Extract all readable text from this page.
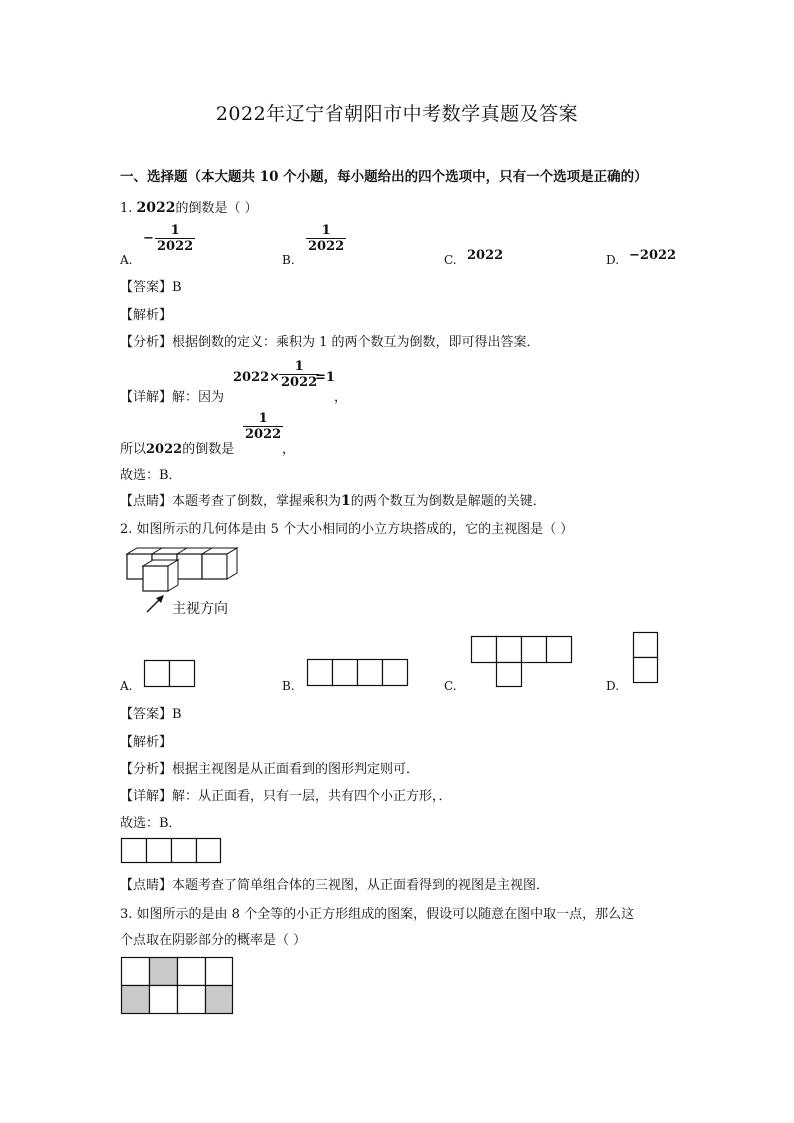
2022年辽宁省朝阳市中考数学真题及答案
一、选择题（本大题共 10 个小题，每小题给出的四个选项中，只有一个选项是正确的）
1. 2022的倒数是（ ）
A.
− $\frac{1}{2022}$
B.
$\frac{1}{2022}$
C. 2022	D. −2022
【答案】B
【解析】
【分析】根据倒数的定义：乘积为 1 的两个数互为倒数，即可得出答案．
【详解】解：因为
2022×
$\frac{1}{2022}$
=1
，
所以2022的倒数是
$\frac{1}{2022}$
，
故选：B．
【点睛】本题考查了倒数，掌握乘积为1的两个数互为倒数是解题的关键．
2. 如图所示的几何体是由 5 个大小相同的小立方块搭成的，它的主视图是（ ）
主视方向
A.	B.	C.	D.
【答案】B
【解析】
【分析】根据主视图是从正面看到的图形判定则可．
【详解】解：从正面看，只有一层，共有四个小正方形，．
故选：B．
【点睛】本题考查了简单组合体的三视图，从正面看得到的视图是主视图．
3. 如图所示的是由 8 个全等的小正方形组成的图案，假设可以随意在图中取一点，那么这
个点取在阴影部分的概率是（ ）
